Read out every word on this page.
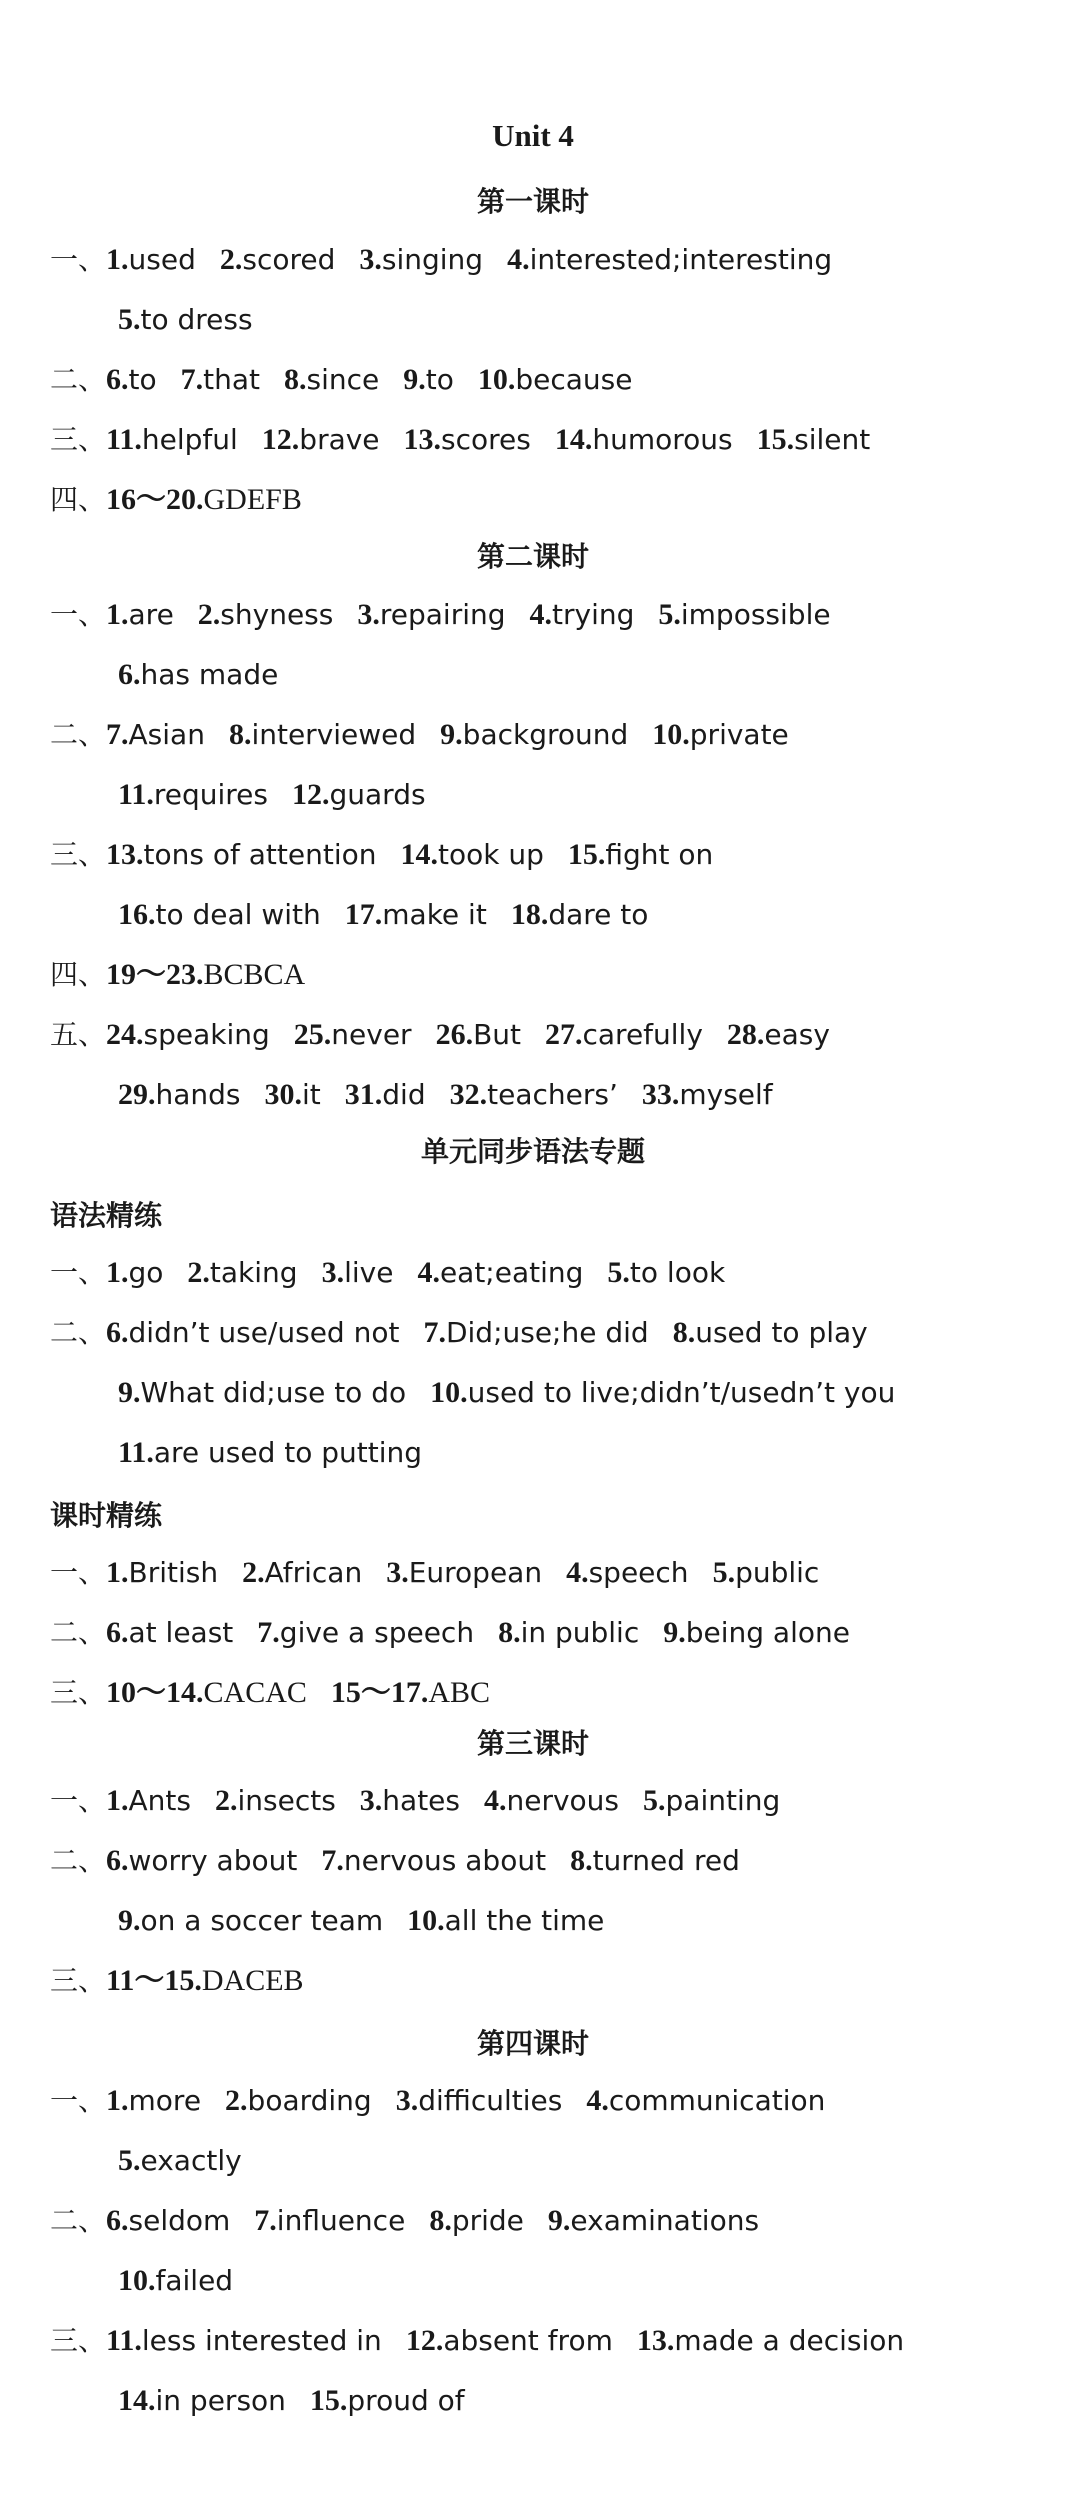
Unit 4
第一课时
一、1.used 2.scored 3.singing 4.interested;interesting
5.to dress
二、6.to 7.that 8.since 9.to 10.because
三、11.helpful 12.brave 13.scores 14.humorous 15.silent
四、16～20.GDEFB
第二课时
一、1.are 2.shyness 3.repairing 4.trying 5.impossible
6.has made
二、7.Asian 8.interviewed 9.background 10.private
11.requires 12.guards
三、13.tons of attention 14.took up 15.fight on
16.to deal with 17.make it 18.dare to
四、19～23.BCBCA
五、24.speaking 25.never 26.But 27.carefully 28.easy
29.hands 30.it 31.did 32.teachers’ 33.myself
单元同步语法专题
语法精练
一、1.go 2.taking 3.live 4.eat;eating 5.to look
二、6.didn’t use/used not 7.Did;use;he did 8.used to play
9.What did;use to do 10.used to live;didn’t/usedn’t you
11.are used to putting
课时精练
一、1.British 2.African 3.European 4.speech 5.public
二、6.at least 7.give a speech 8.in public 9.being alone
三、10～14.CACAC 15～17.ABC
第三课时
一、1.Ants 2.insects 3.hates 4.nervous 5.painting
二、6.worry about 7.nervous about 8.turned red
9.on a soccer team 10.all the time
三、11～15.DACEB
第四课时
一、1.more 2.boarding 3.difficulties 4.communication
5.exactly
二、6.seldom 7.influence 8.pride 9.examinations
10.failed
三、11.less interested in 12.absent from 13.made a decision
14.in person 15.proud of
